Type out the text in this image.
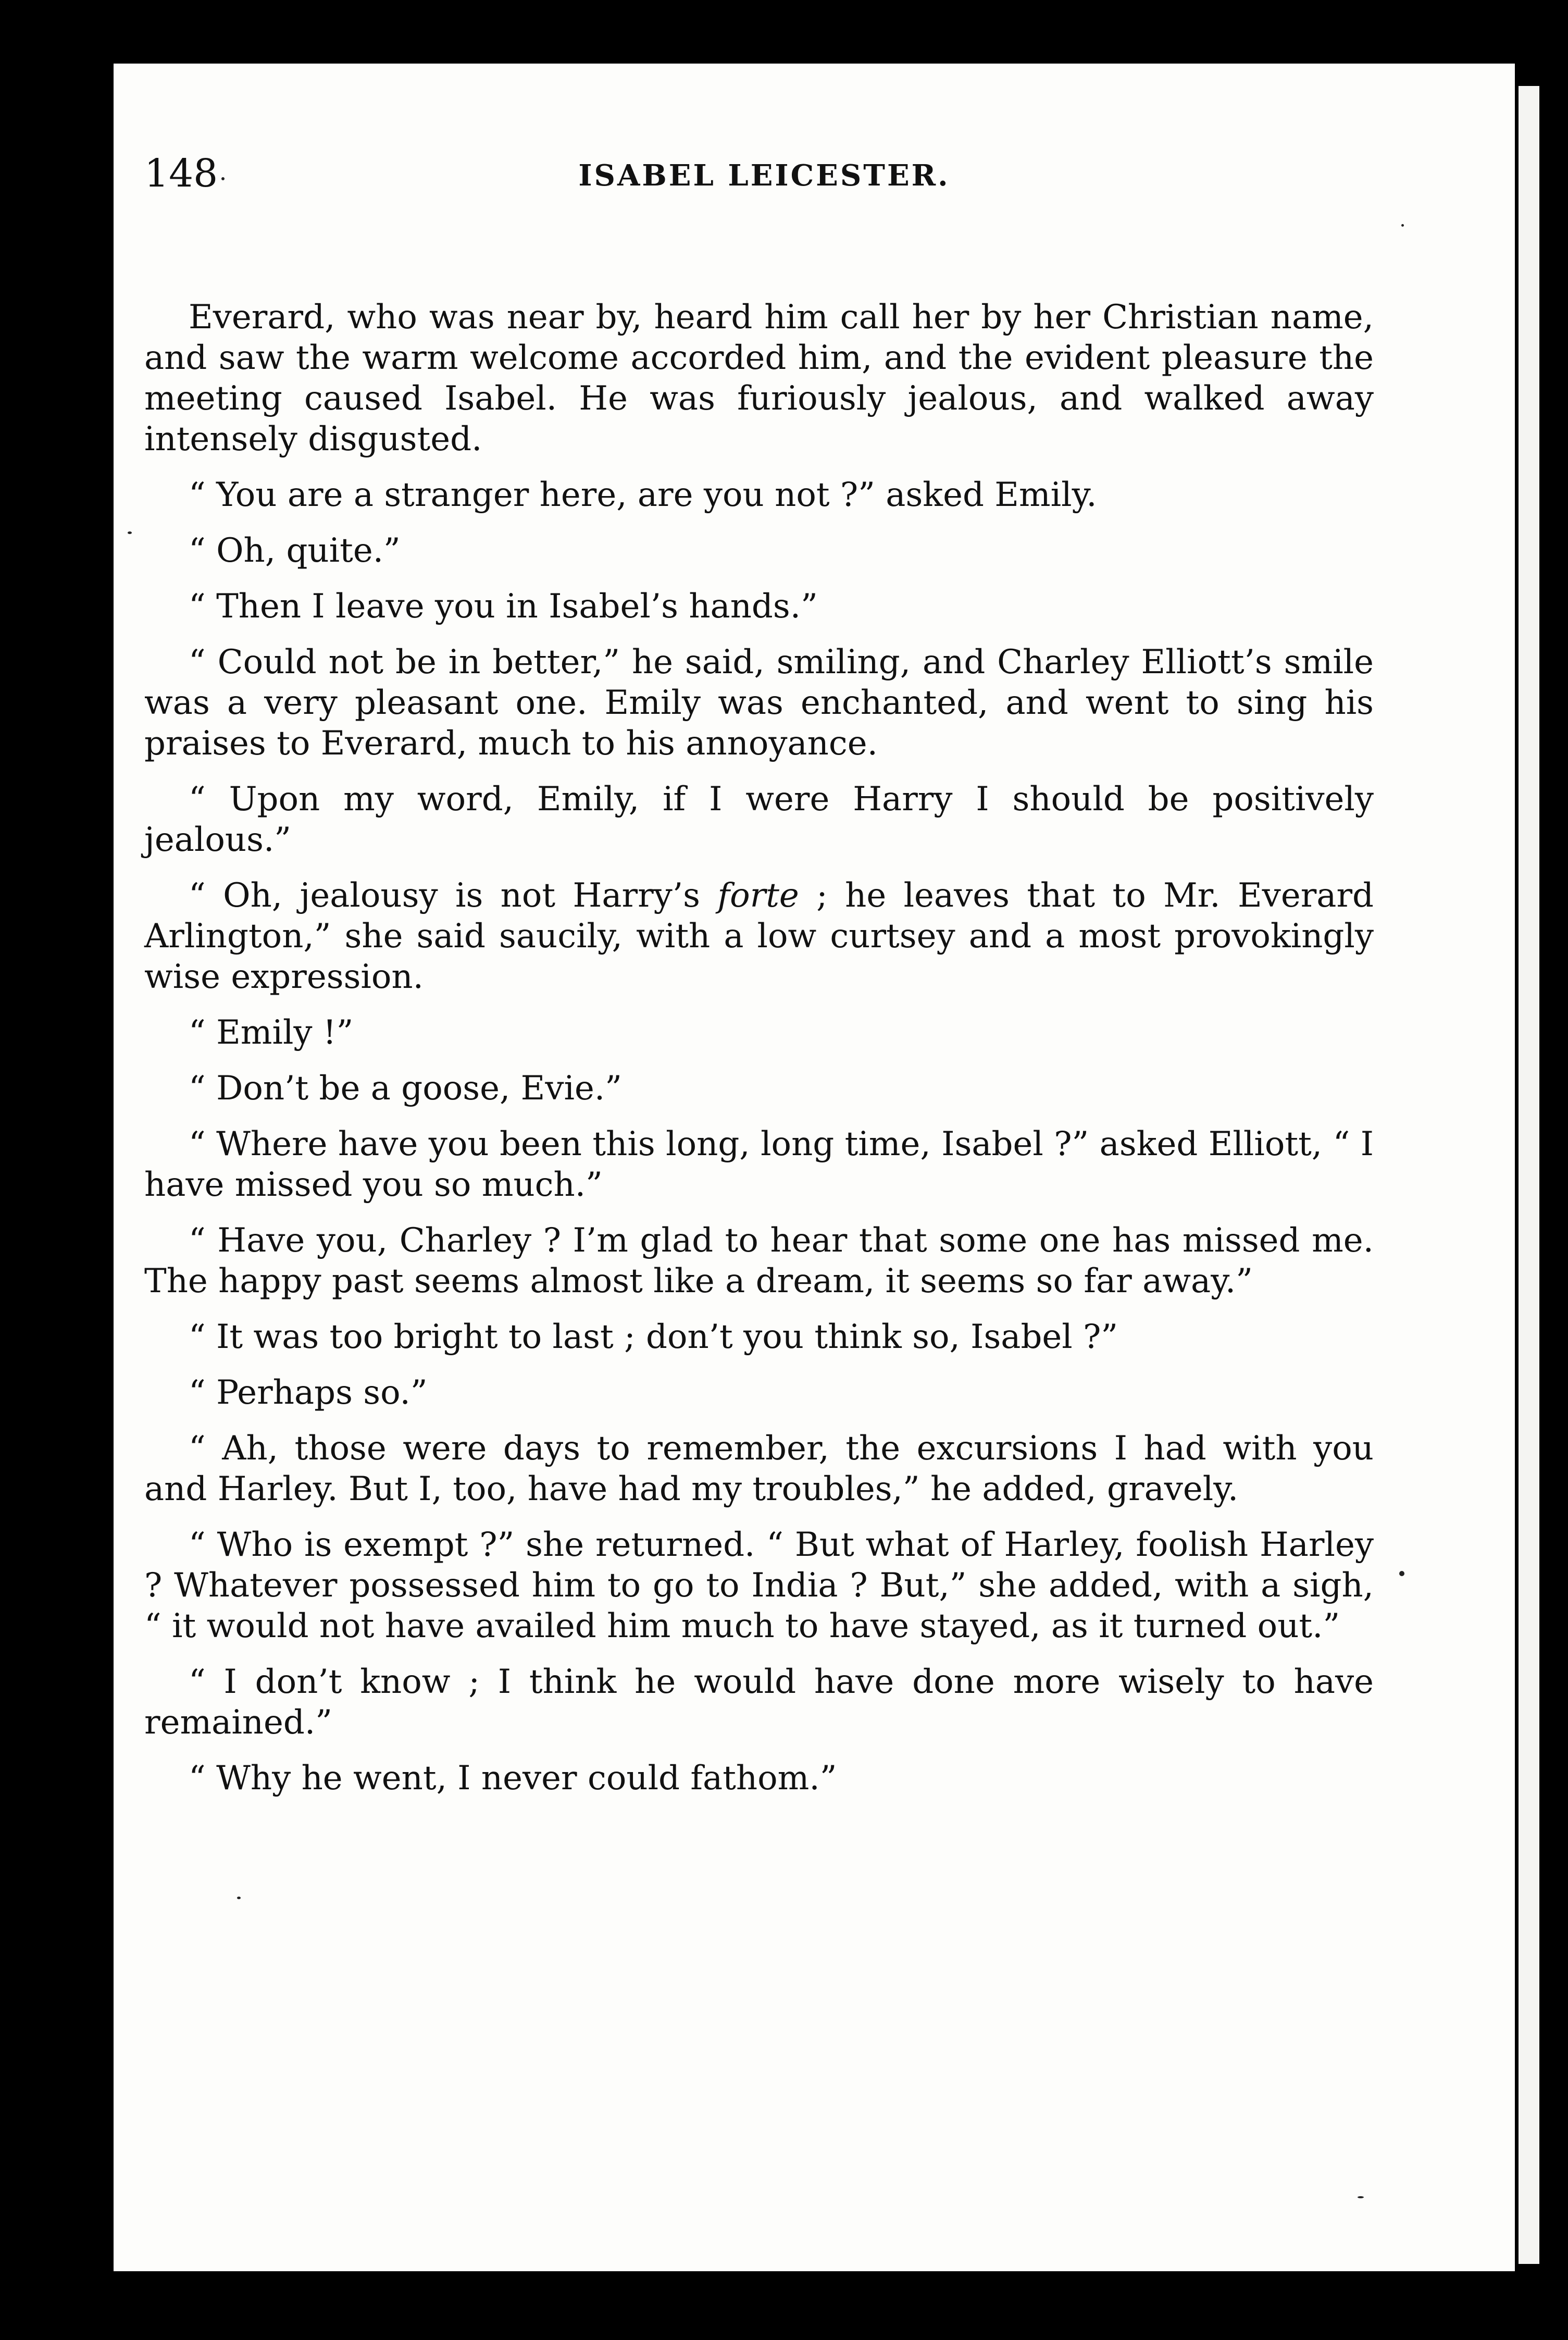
148	ISABEL LEICESTER.

Everard, who was near by, heard him call her by her Christian name, and saw the warm welcome accorded him, and the evident pleasure the meeting caused Isabel. He was furiously jealous, and walked away intensely disgusted.

“ You are a stranger here, are you not ?” asked Emily.

“ Oh, quite.”

“ Then I leave you in Isabel’s hands.”

“ Could not be in better,” he said, smiling, and Charley Elliott’s smile was a very pleasant one. Emily was enchanted, and went to sing his praises to Everard, much to his annoyance.

“ Upon my word, Emily, if I were Harry I should be positively jealous.”

“ Oh, jealousy is not Harry’s forte ; he leaves that to Mr. Everard Arlington,” she said saucily, with a low curtsey and a most provokingly wise expression.

“ Emily !”

“ Don’t be a goose, Evie.”

“ Where have you been this long, long time, Isabel ?” asked Elliott, “ I have missed you so much.”

“ Have you, Charley ? I’m glad to hear that some one has missed me. The happy past seems almost like a dream, it seems so far away.”

“ It was too bright to last ; don’t you think so, Isabel ?”

“ Perhaps so.”

“ Ah, those were days to remember, the excursions I had with you and Harley. But I, too, have had my troubles,” he added, gravely.

“ Who is exempt ?” she returned. “ But what of Harley, foolish Harley ? Whatever possessed him to go to India ? But,” she added, with a sigh, “ it would not have availed him much to have stayed, as it turned out.”

“ I don’t know ; I think he would have done more wisely to have remained.”

“ Why he went, I never could fathom.”
